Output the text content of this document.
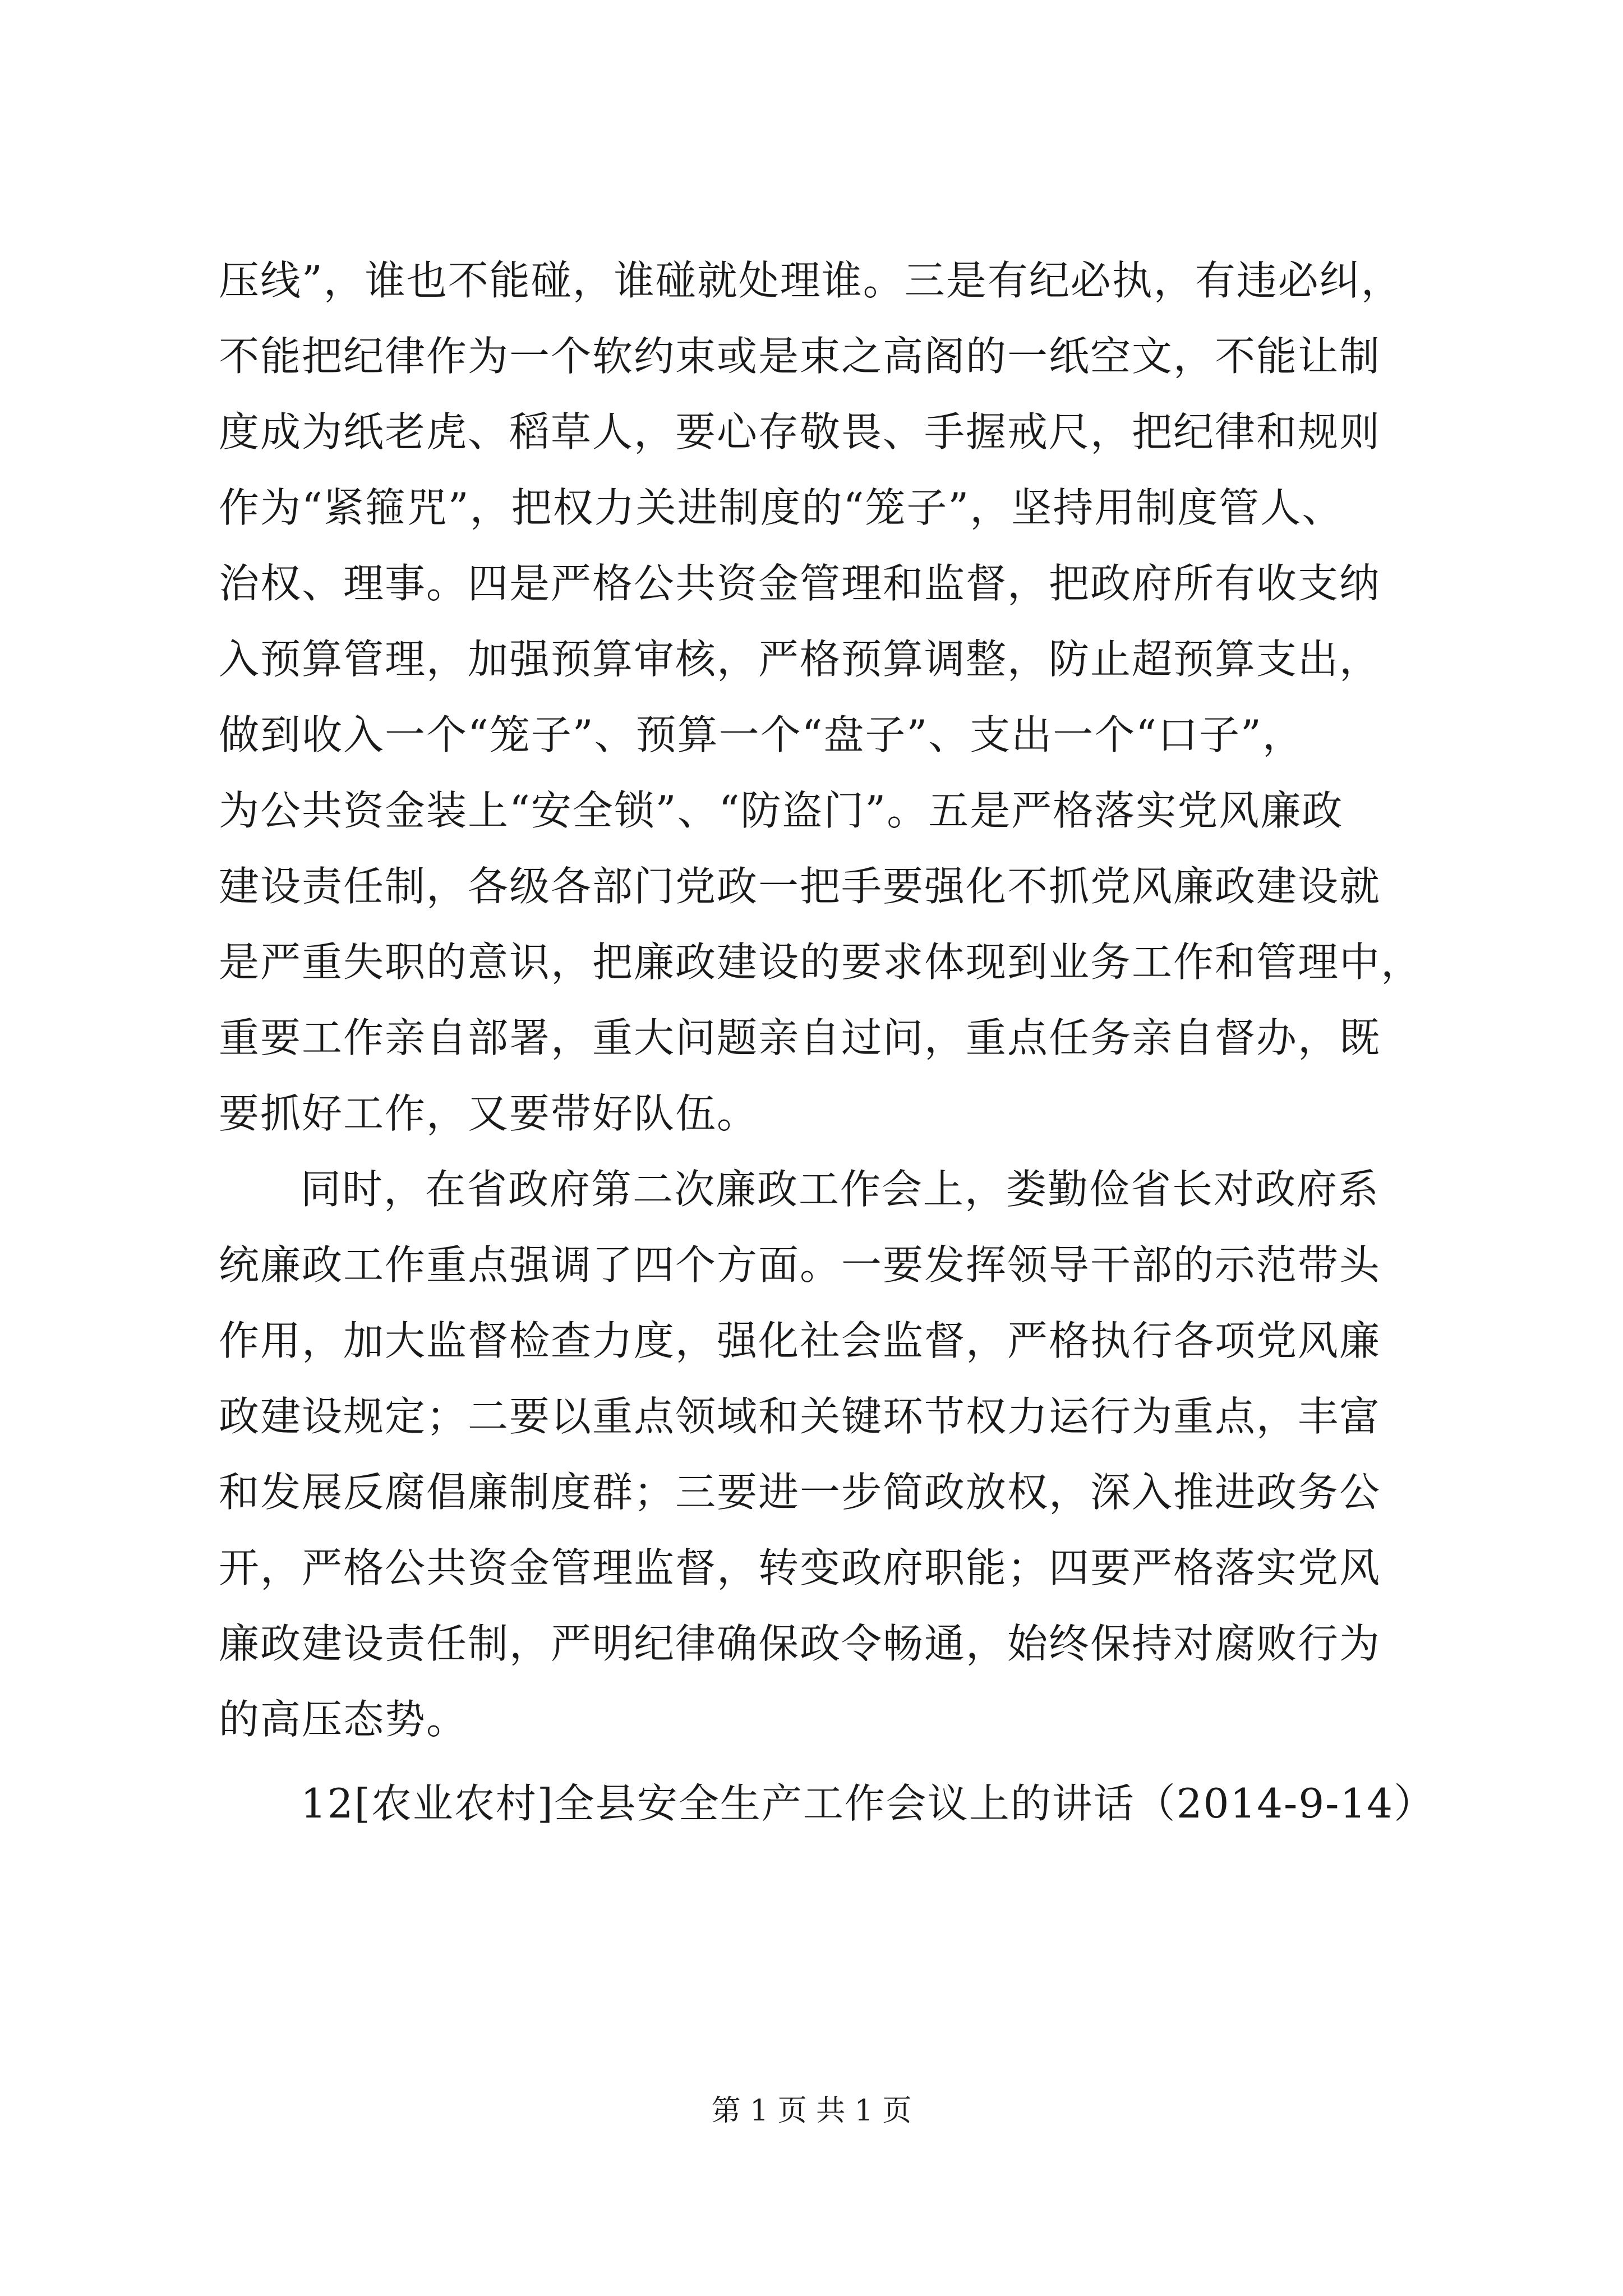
压线”，谁也不能碰，谁碰就处理谁。三是有纪必执，有违必纠，
不能把纪律作为一个软约束或是束之高阁的一纸空文，不能让制
度成为纸老虎、稻草人，要心存敬畏、手握戒尺，把纪律和规则
作为“紧箍咒”，把权力关进制度的“笼子”，坚持用制度管人、
治权、理事。四是严格公共资金管理和监督，把政府所有收支纳
入预算管理，加强预算审核，严格预算调整，防止超预算支出，
做到收入一个“笼子”、预算一个“盘子”、支出一个“口子”，
为公共资金装上“安全锁”、“防盗门”。五是严格落实党风廉政
建设责任制，各级各部门党政一把手要强化不抓党风廉政建设就
是严重失职的意识，把廉政建设的要求体现到业务工作和管理中，
重要工作亲自部署，重大问题亲自过问，重点任务亲自督办，既
要抓好工作，又要带好队伍。
同时，在省政府第二次廉政工作会上，娄勤俭省长对政府系
统廉政工作重点强调了四个方面。一要发挥领导干部的示范带头
作用，加大监督检查力度，强化社会监督，严格执行各项党风廉
政建设规定；二要以重点领域和关键环节权力运行为重点，丰富
和发展反腐倡廉制度群；三要进一步简政放权，深入推进政务公
开，严格公共资金管理监督，转变政府职能；四要严格落实党风
廉政建设责任制，严明纪律确保政令畅通，始终保持对腐败行为
的高压态势。
12[农业农村]全县安全生产工作会议上的讲话（2014-9-14）
第 1 页 共 1 页
